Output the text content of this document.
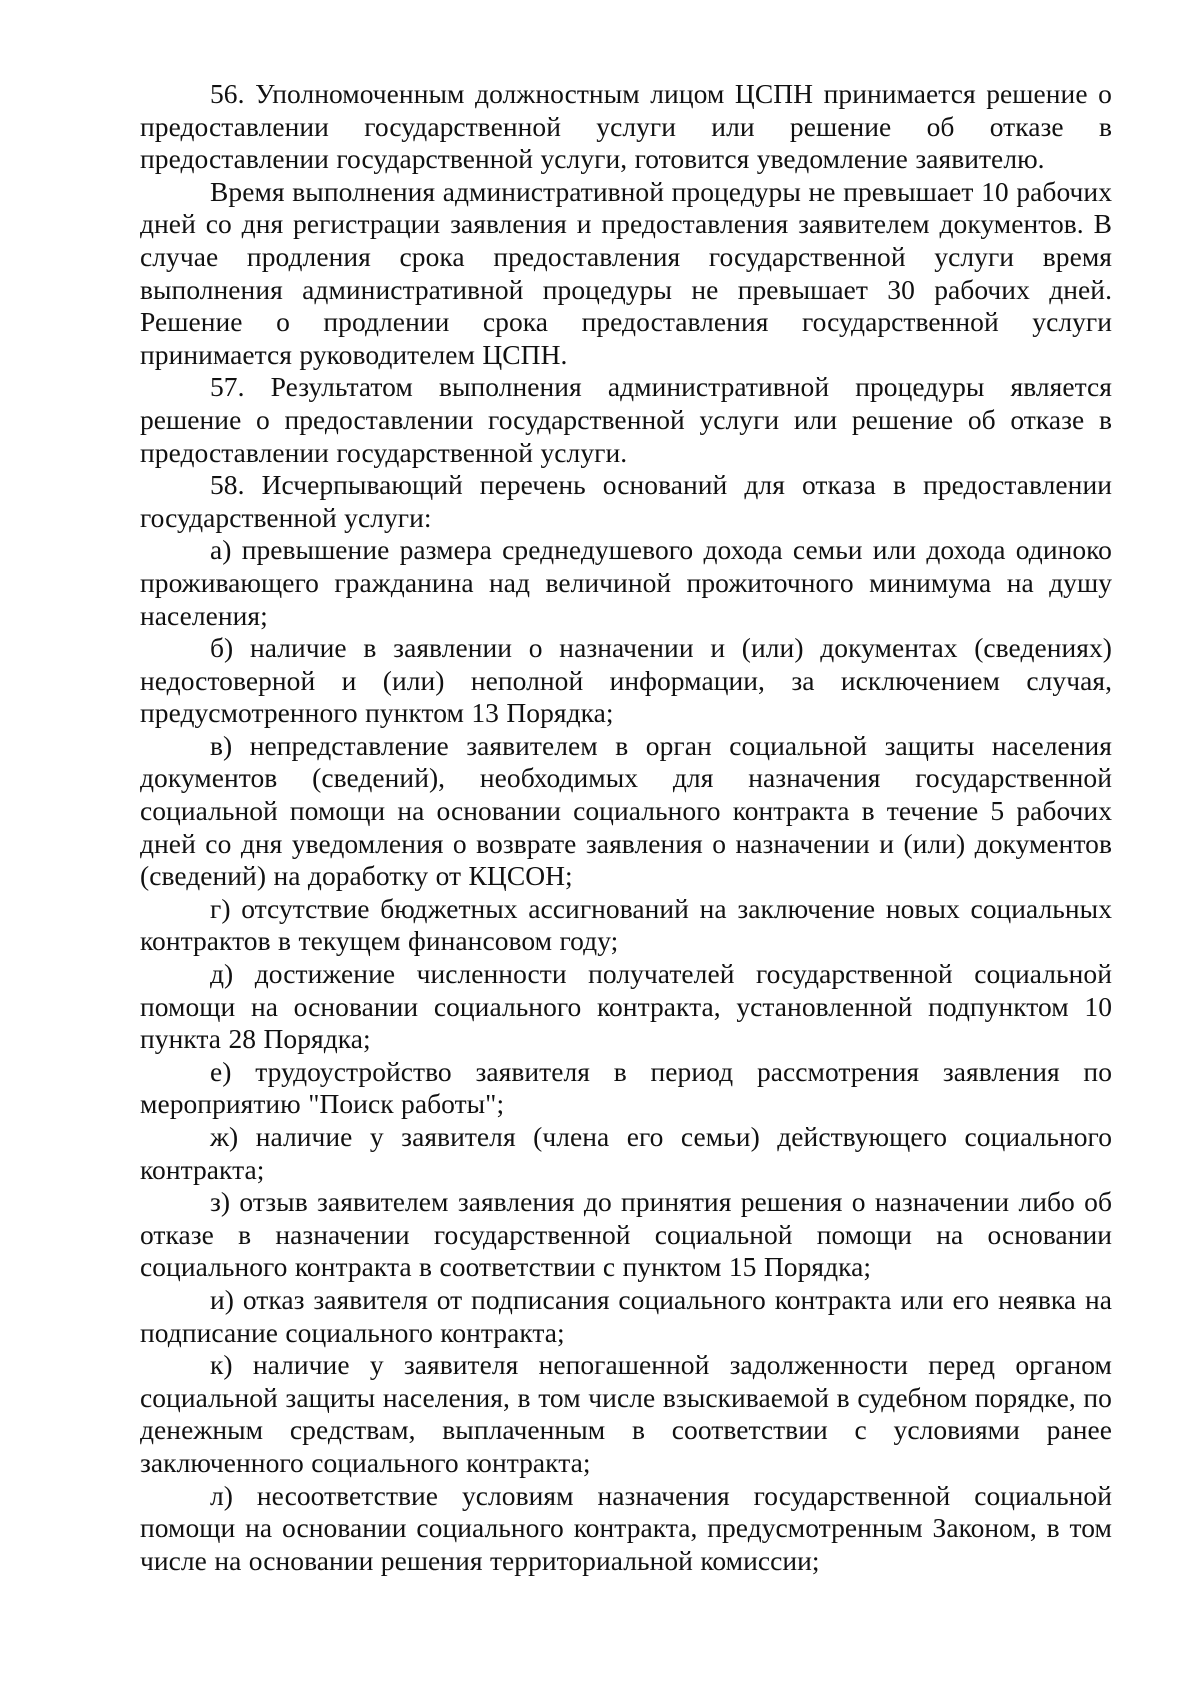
56. Уполномоченным должностным лицом ЦСПН принимается решение о предоставлении государственной услуги или решение об отказе в предоставлении государственной услуги, готовится уведомление заявителю.

Время выполнения административной процедуры не превышает 10 рабочих дней со дня регистрации заявления и предоставления заявителем документов. В случае продления срока предоставления государственной услуги время выполнения административной процедуры не превышает 30 рабочих дней. Решение о продлении срока предоставления государственной услуги принимается руководителем ЦСПН.

57. Результатом выполнения административной процедуры является решение о предоставлении государственной услуги или решение об отказе в предоставлении государственной услуги.

58. Исчерпывающий перечень оснований для отказа в предоставлении государственной услуги:

а) превышение размера среднедушевого дохода семьи или дохода одиноко проживающего гражданина над величиной прожиточного минимума на душу населения;

б) наличие в заявлении о назначении и (или) документах (сведениях) недостоверной и (или) неполной информации, за исключением случая, предусмотренного пунктом 13 Порядка;

в) непредставление заявителем в орган социальной защиты населения документов (сведений), необходимых для назначения государственной социальной помощи на основании социального контракта в течение 5 рабочих дней со дня уведомления о возврате заявления о назначении и (или) документов (сведений) на доработку от КЦСОН;

г) отсутствие бюджетных ассигнований на заключение новых социальных контрактов в текущем финансовом году;

д) достижение численности получателей государственной социальной помощи на основании социального контракта, установленной подпунктом 10 пункта 28 Порядка;

е) трудоустройство заявителя в период рассмотрения заявления по мероприятию "Поиск работы";

ж) наличие у заявителя (члена его семьи) действующего социального контракта;

з) отзыв заявителем заявления до принятия решения о назначении либо об отказе в назначении государственной социальной помощи на основании социального контракта в соответствии с пунктом 15 Порядка;

и) отказ заявителя от подписания социального контракта или его неявка на подписание социального контракта;

к) наличие у заявителя непогашенной задолженности перед органом социальной защиты населения, в том числе взыскиваемой в судебном порядке, по денежным средствам, выплаченным в соответствии с условиями ранее заключенного социального контракта;

л) несоответствие условиям назначения государственной социальной помощи на основании социального контракта, предусмотренным Законом, в том числе на основании решения территориальной комиссии;
